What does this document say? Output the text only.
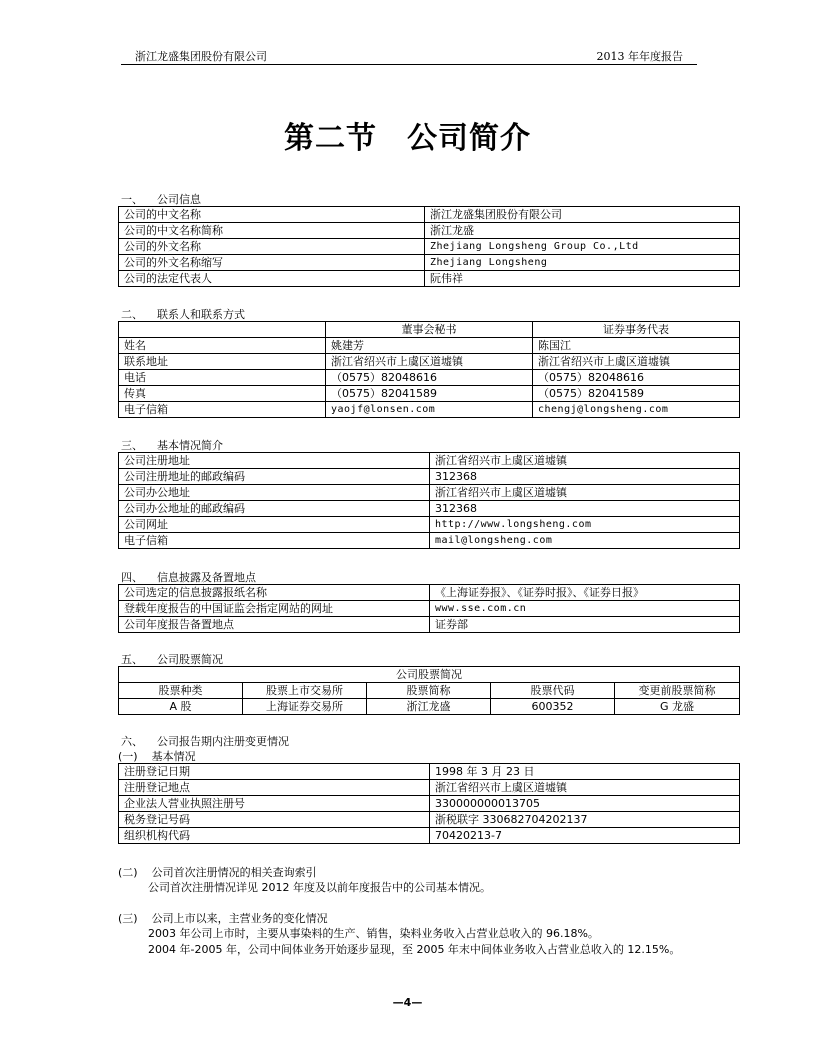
浙江龙盛集团股份有限公司	2013 年年度报告
第二节 公司简介
一、    公司信息
公司的中文名称	浙江龙盛集团股份有限公司
公司的中文名称简称	浙江龙盛
公司的外文名称	Zhejiang Longsheng Group Co.,Ltd
公司的外文名称缩写	Zhejiang Longsheng
公司的法定代表人	阮伟祥
二、    联系人和联系方式
	董事会秘书	证券事务代表
姓名	姚建芳	陈国江
联系地址	浙江省绍兴市上虞区道墟镇	浙江省绍兴市上虞区道墟镇
电话	（0575）82048616	（0575）82048616
传真	（0575）82041589	（0575）82041589
电子信箱	yaojf@lonsen.com	chengj@longsheng.com
三、    基本情况简介
公司注册地址	浙江省绍兴市上虞区道墟镇
公司注册地址的邮政编码	312368
公司办公地址	浙江省绍兴市上虞区道墟镇
公司办公地址的邮政编码	312368
公司网址	http://www.longsheng.com
电子信箱	mail@longsheng.com
四、    信息披露及备置地点
公司选定的信息披露报纸名称	《上海证券报》、《证券时报》、《证券日报》
登载年度报告的中国证监会指定网站的网址	www.sse.com.cn
公司年度报告备置地点	证券部
五、    公司股票简况
公司股票简况				
股票种类	股票上市交易所	股票简称	股票代码	变更前股票简称
A 股	上海证券交易所	浙江龙盛	600352	G 龙盛
六、    公司报告期内注册变更情况
(一)    基本情况
注册登记日期	1998 年 3 月 23 日
注册登记地点	浙江省绍兴市上虞区道墟镇
企业法人营业执照注册号	330000000013705
税务登记号码	浙税联字 330682704202137
组织机构代码	70420213-7
(二)    公司首次注册情况的相关查询索引
公司首次注册情况详见 2012 年度及以前年度报告中的公司基本情况。
(三)    公司上市以来，主营业务的变化情况
2003 年公司上市时，主要从事染料的生产、销售，染料业务收入占营业总收入的 96.18%。
2004 年-2005 年，公司中间体业务开始逐步显现，至 2005 年末中间体业务收入占营业总收入的 12.15%。
—4—
